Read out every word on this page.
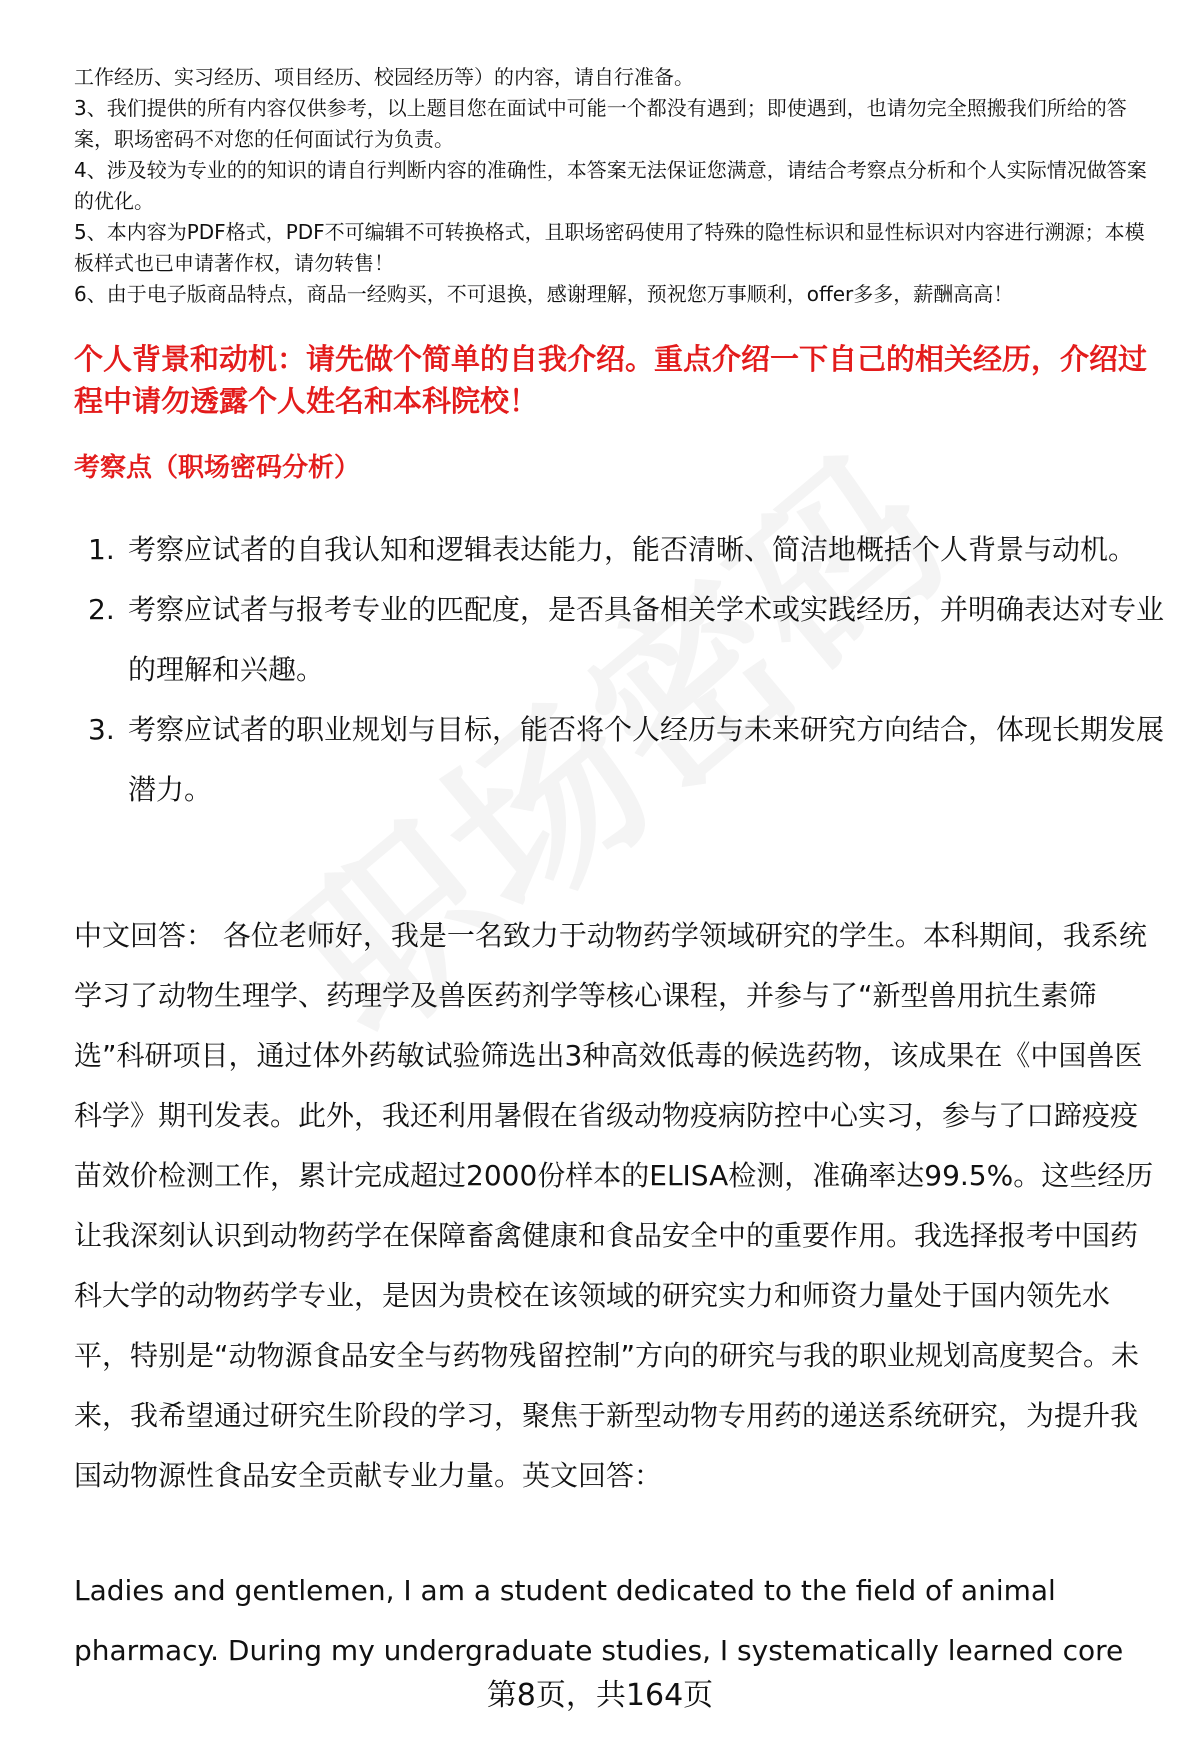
工作经历、实习经历、项目经历、校园经历等）的内容，请自行准备。
3、我们提供的所有内容仅供参考，以上题目您在面试中可能一个都没有遇到；即使遇到，也请勿完全照搬我们所给的答案，职场密码不对您的任何面试行为负责。
4、涉及较为专业的的知识的请自行判断内容的准确性，本答案无法保证您满意，请结合考察点分析和个人实际情况做答案的优化。
5、本内容为PDF格式，PDF不可编辑不可转换格式，且职场密码使用了特殊的隐性标识和显性标识对内容进行溯源；本模板样式也已申请著作权，请勿转售！
6、由于电子版商品特点，商品一经购买，不可退换，感谢理解，预祝您万事顺利，offer多多，薪酬高高！
个人背景和动机：请先做个简单的自我介绍。重点介绍一下自己的相关经历，介绍过程中请勿透露个人姓名和本科院校！
考察点（职场密码分析）
1. 考察应试者的自我认知和逻辑表达能力，能否清晰、简洁地概括个人背景与动机。
2. 考察应试者与报考专业的匹配度，是否具备相关学术或实践经历，并明确表达对专业的理解和兴趣。
3. 考察应试者的职业规划与目标，能否将个人经历与未来研究方向结合，体现长期发展潜力。

中文回答： 各位老师好，我是一名致力于动物药学领域研究的学生。本科期间，我系统学习了动物生理学、药理学及兽医药剂学等核心课程，并参与了“新型兽用抗生素筛选”科研项目，通过体外药敏试验筛选出3种高效低毒的候选药物，该成果在《中国兽医科学》期刊发表。此外，我还利用暑假在省级动物疫病防控中心实习，参与了口蹄疫疫苗效价检测工作，累计完成超过2000份样本的ELISA检测，准确率达99.5%。这些经历让我深刻认识到动物药学在保障畜禽健康和食品安全中的重要作用。我选择报考中国药科大学的动物药学专业，是因为贵校在该领域的研究实力和师资力量处于国内领先水平，特别是“动物源食品安全与药物残留控制”方向的研究与我的职业规划高度契合。未来，我希望通过研究生阶段的学习，聚焦于新型动物专用药的递送系统研究，为提升我国动物源性食品安全贡献专业力量。英文回答：

Ladies and gentlemen, I am a student dedicated to the field of animal pharmacy. During my undergraduate studies, I systematically learned core

第8页，共164页
